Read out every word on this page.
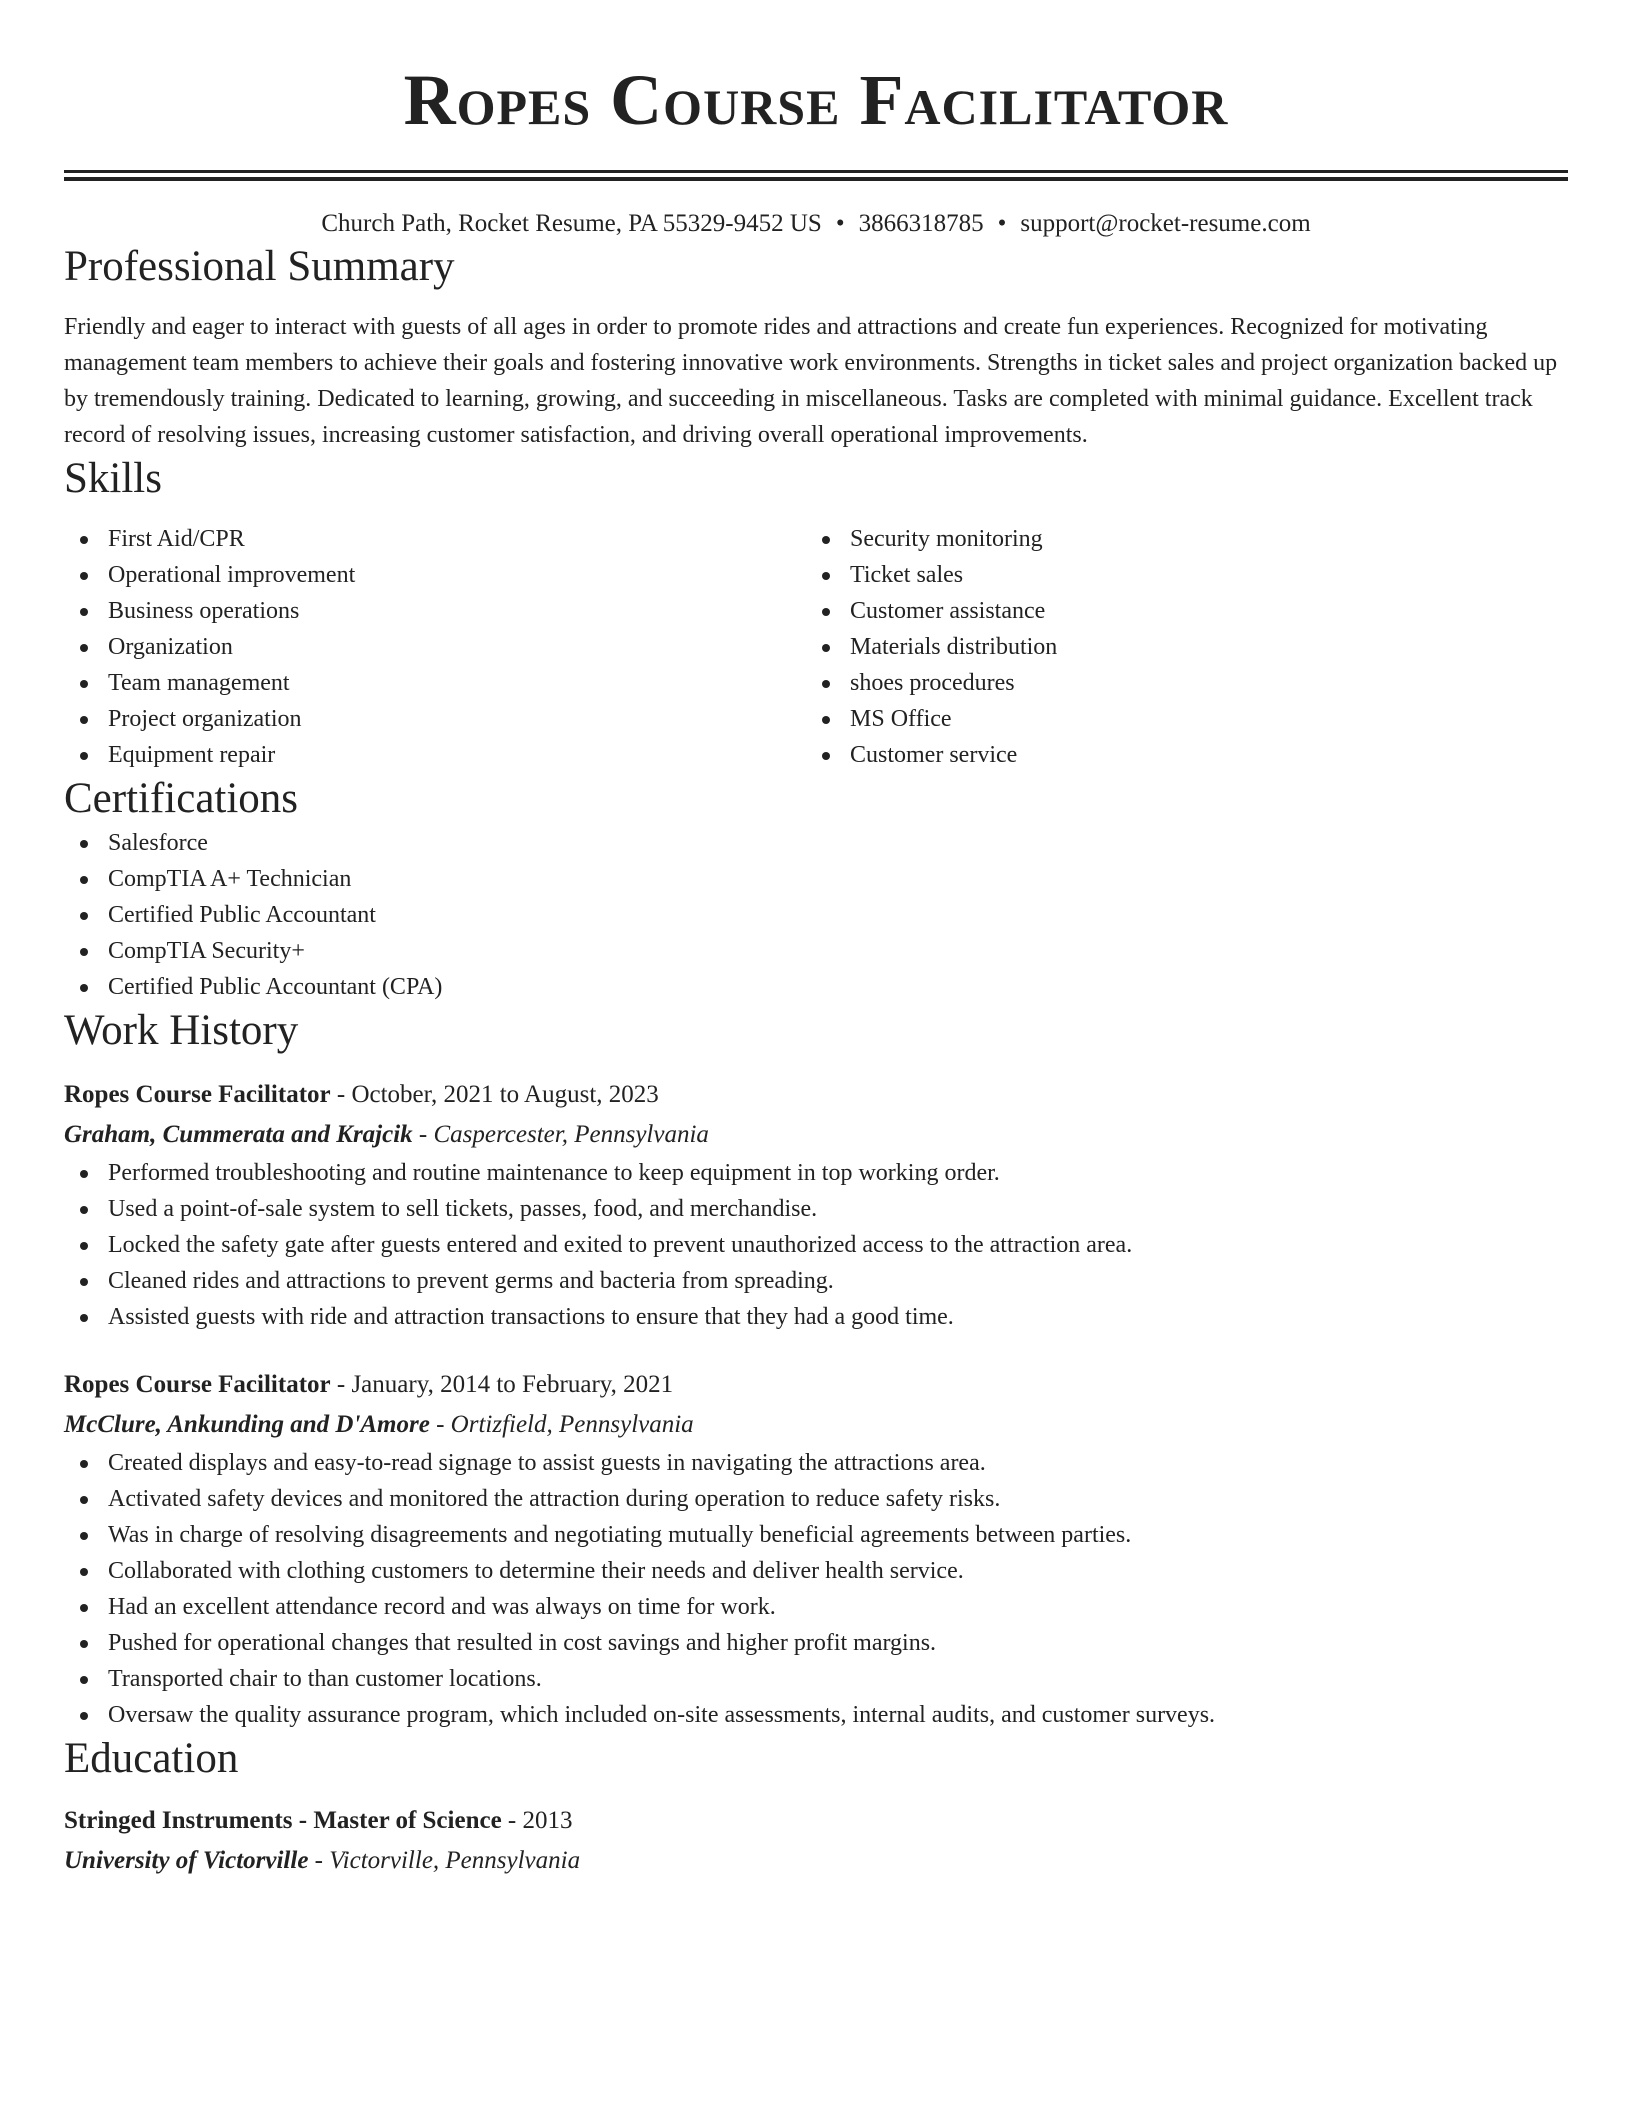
Ropes Course Facilitator
Church Path, Rocket Resume, PA 55329-9452 US • 3866318785 • support@rocket-resume.com
Professional Summary
Friendly and eager to interact with guests of all ages in order to promote rides and attractions and create fun experiences. Recognized for motivating management team members to achieve their goals and fostering innovative work environments. Strengths in ticket sales and project organization backed up by tremendously training. Dedicated to learning, growing, and succeeding in miscellaneous. Tasks are completed with minimal guidance. Excellent track record of resolving issues, increasing customer satisfaction, and driving overall operational improvements.
Skills
First Aid/CPR
Operational improvement
Business operations
Organization
Team management
Project organization
Equipment repair
Security monitoring
Ticket sales
Customer assistance
Materials distribution
shoes procedures
MS Office
Customer service
Certifications
Salesforce
CompTIA A+ Technician
Certified Public Accountant
CompTIA Security+
Certified Public Accountant (CPA)
Work History
Ropes Course Facilitator - October, 2021 to August, 2023
Graham, Cummerata and Krajcik - Caspercester, Pennsylvania
Performed troubleshooting and routine maintenance to keep equipment in top working order.
Used a point-of-sale system to sell tickets, passes, food, and merchandise.
Locked the safety gate after guests entered and exited to prevent unauthorized access to the attraction area.
Cleaned rides and attractions to prevent germs and bacteria from spreading.
Assisted guests with ride and attraction transactions to ensure that they had a good time.
Ropes Course Facilitator - January, 2014 to February, 2021
McClure, Ankunding and D'Amore - Ortizfield, Pennsylvania
Created displays and easy-to-read signage to assist guests in navigating the attractions area.
Activated safety devices and monitored the attraction during operation to reduce safety risks.
Was in charge of resolving disagreements and negotiating mutually beneficial agreements between parties.
Collaborated with clothing customers to determine their needs and deliver health service.
Had an excellent attendance record and was always on time for work.
Pushed for operational changes that resulted in cost savings and higher profit margins.
Transported chair to than customer locations.
Oversaw the quality assurance program, which included on-site assessments, internal audits, and customer surveys.
Education
Stringed Instruments - Master of Science - 2013
University of Victorville - Victorville, Pennsylvania
